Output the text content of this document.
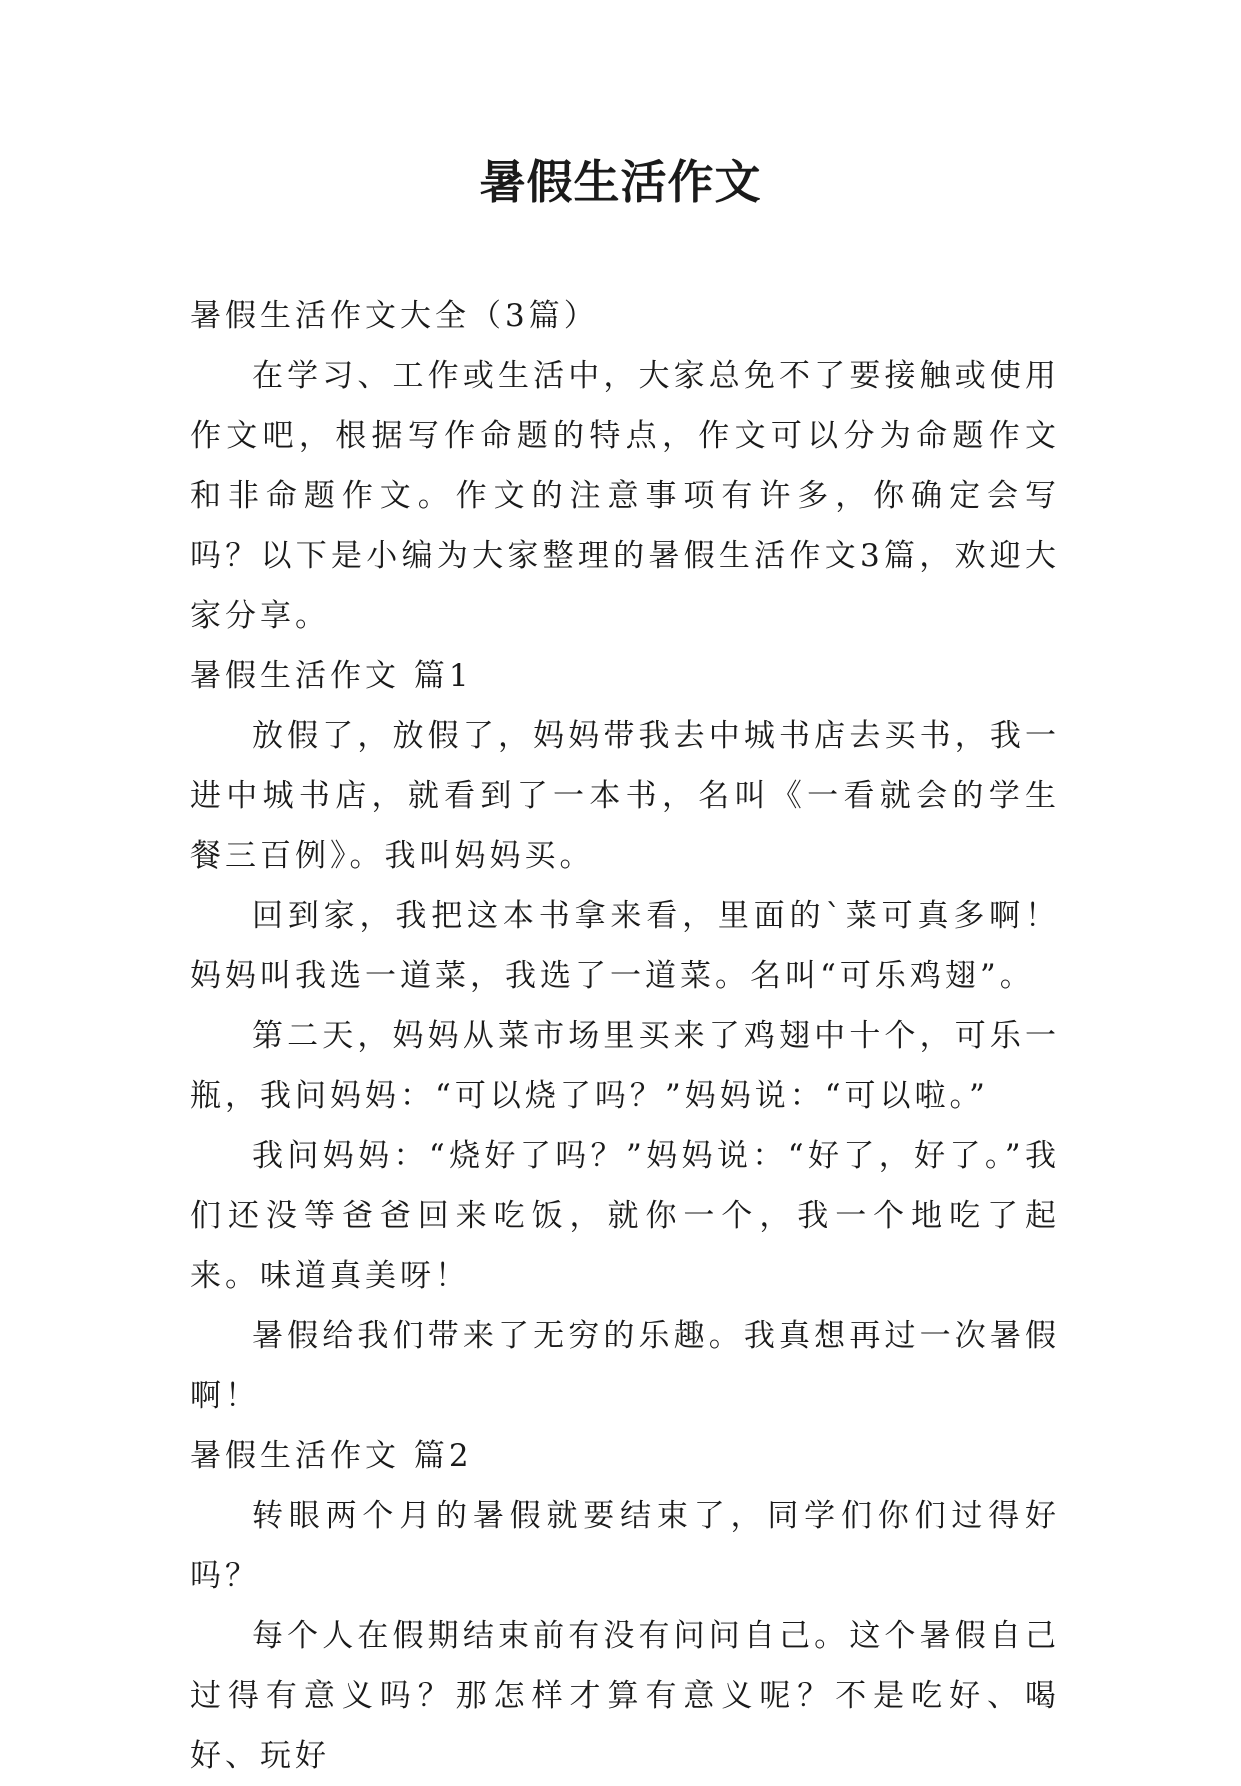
暑假生活作文

暑假生活作文大全（3篇）

在学习、工作或生活中，大家总免不了要接触或使用作文吧，根据写作命题的特点，作文可以分为命题作文和非命题作文。作文的注意事项有许多，你确定会写吗？以下是小编为大家整理的暑假生活作文3篇，欢迎大家分享。

暑假生活作文 篇1

放假了，放假了，妈妈带我去中城书店去买书，我一进中城书店，就看到了一本书，名叫《一看就会的学生餐三百例》。我叫妈妈买。

回到家，我把这本书拿来看，里面的`菜可真多啊！妈妈叫我选一道菜，我选了一道菜。名叫“可乐鸡翅”。

第二天，妈妈从菜市场里买来了鸡翅中十个，可乐一瓶，我问妈妈：“可以烧了吗？”妈妈说：“可以啦。”

我问妈妈：“烧好了吗？”妈妈说：“好了，好了。”我们还没等爸爸回来吃饭，就你一个，我一个地吃了起来。味道真美呀！

暑假给我们带来了无穷的乐趣。我真想再过一次暑假啊！

暑假生活作文 篇2

转眼两个月的暑假就要结束了，同学们你们过得好吗？

每个人在假期结束前有没有问问自己。这个暑假自己过得有意义吗？那怎样才算有意义呢？不是吃好、喝好、玩好
